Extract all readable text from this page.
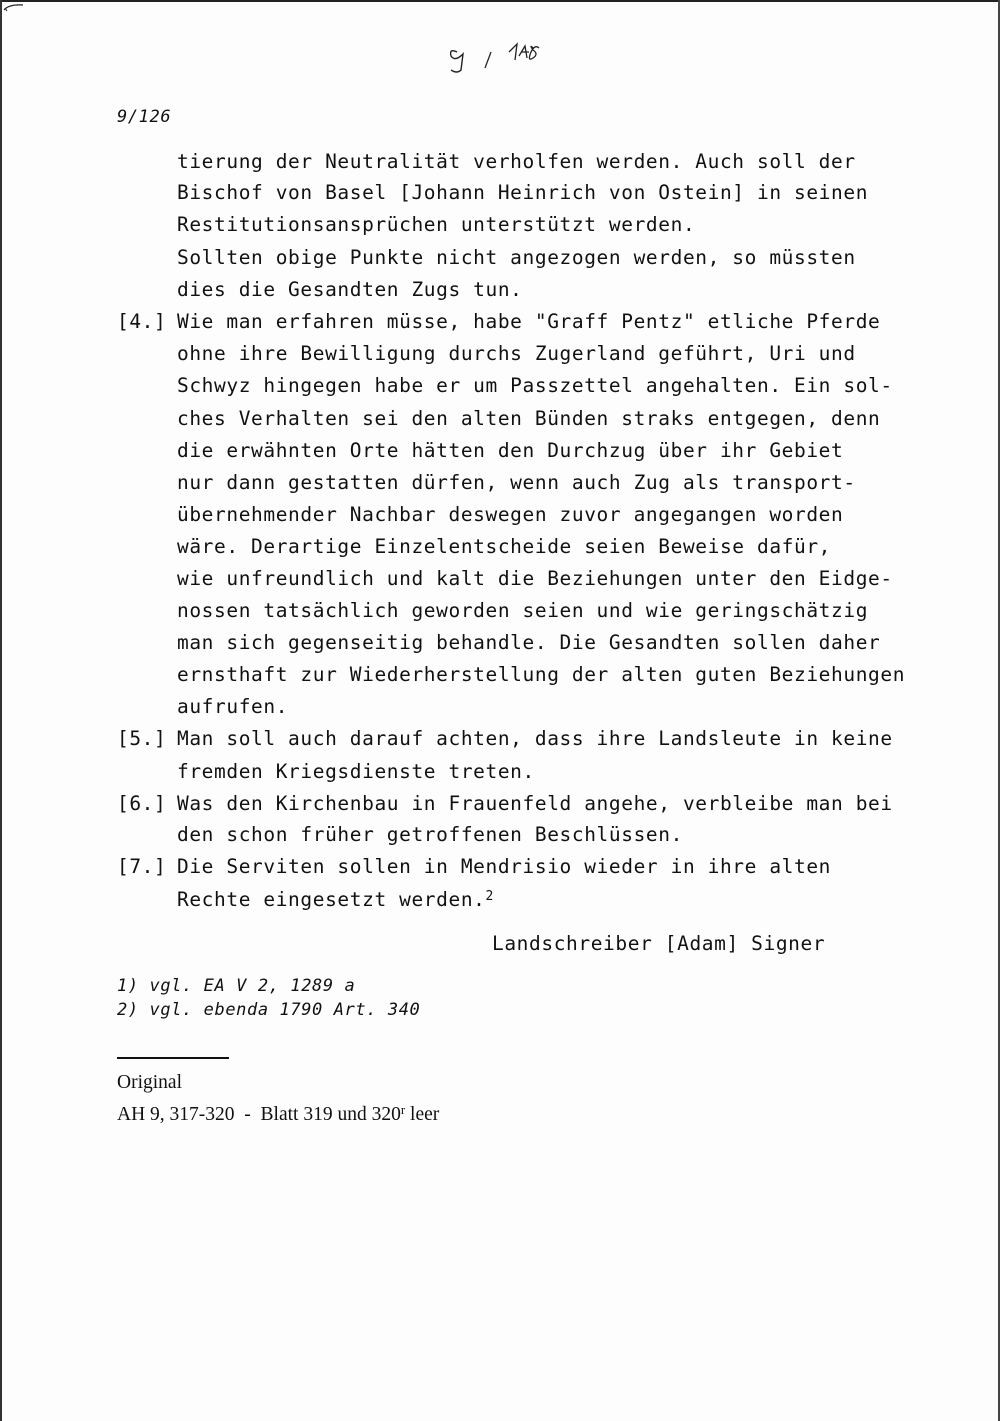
9/126
tierung der Neutralität verholfen werden. Auch soll der
Bischof von Basel [Johann Heinrich von Ostein] in seinen
Restitutionsansprüchen unterstützt werden.
Sollten obige Punkte nicht angezogen werden, so müssten
dies die Gesandten Zugs tun.
[4.] Wie man erfahren müsse, habe "Graff Pentz" etliche Pferde
ohne ihre Bewilligung durchs Zugerland geführt, Uri und
Schwyz hingegen habe er um Passzettel angehalten. Ein sol-
ches Verhalten sei den alten Bünden straks entgegen, denn
die erwähnten Orte hätten den Durchzug über ihr Gebiet
nur dann gestatten dürfen, wenn auch Zug als transport-
übernehmender Nachbar deswegen zuvor angegangen worden
wäre. Derartige Einzelentscheide seien Beweise dafür,
wie unfreundlich und kalt die Beziehungen unter den Eidge-
nossen tatsächlich geworden seien und wie geringschätzig
man sich gegenseitig behandle. Die Gesandten sollen daher
ernsthaft zur Wiederherstellung der alten guten Beziehungen
aufrufen.
[5.] Man soll auch darauf achten, dass ihre Landsleute in keine
fremden Kriegsdienste treten.
[6.] Was den Kirchenbau in Frauenfeld angehe, verbleibe man bei
den schon früher getroffenen Beschlüssen.
[7.] Die Serviten sollen in Mendrisio wieder in ihre alten
Rechte eingesetzt werden.$^2$
Landschreiber [Adam] Signer
1) vgl. EA V 2, 1289 a
2) vgl. ebenda 1790 Art. 340
Original
AH 9, 317-320  -  Blatt 319 und 320$^r$ leer
